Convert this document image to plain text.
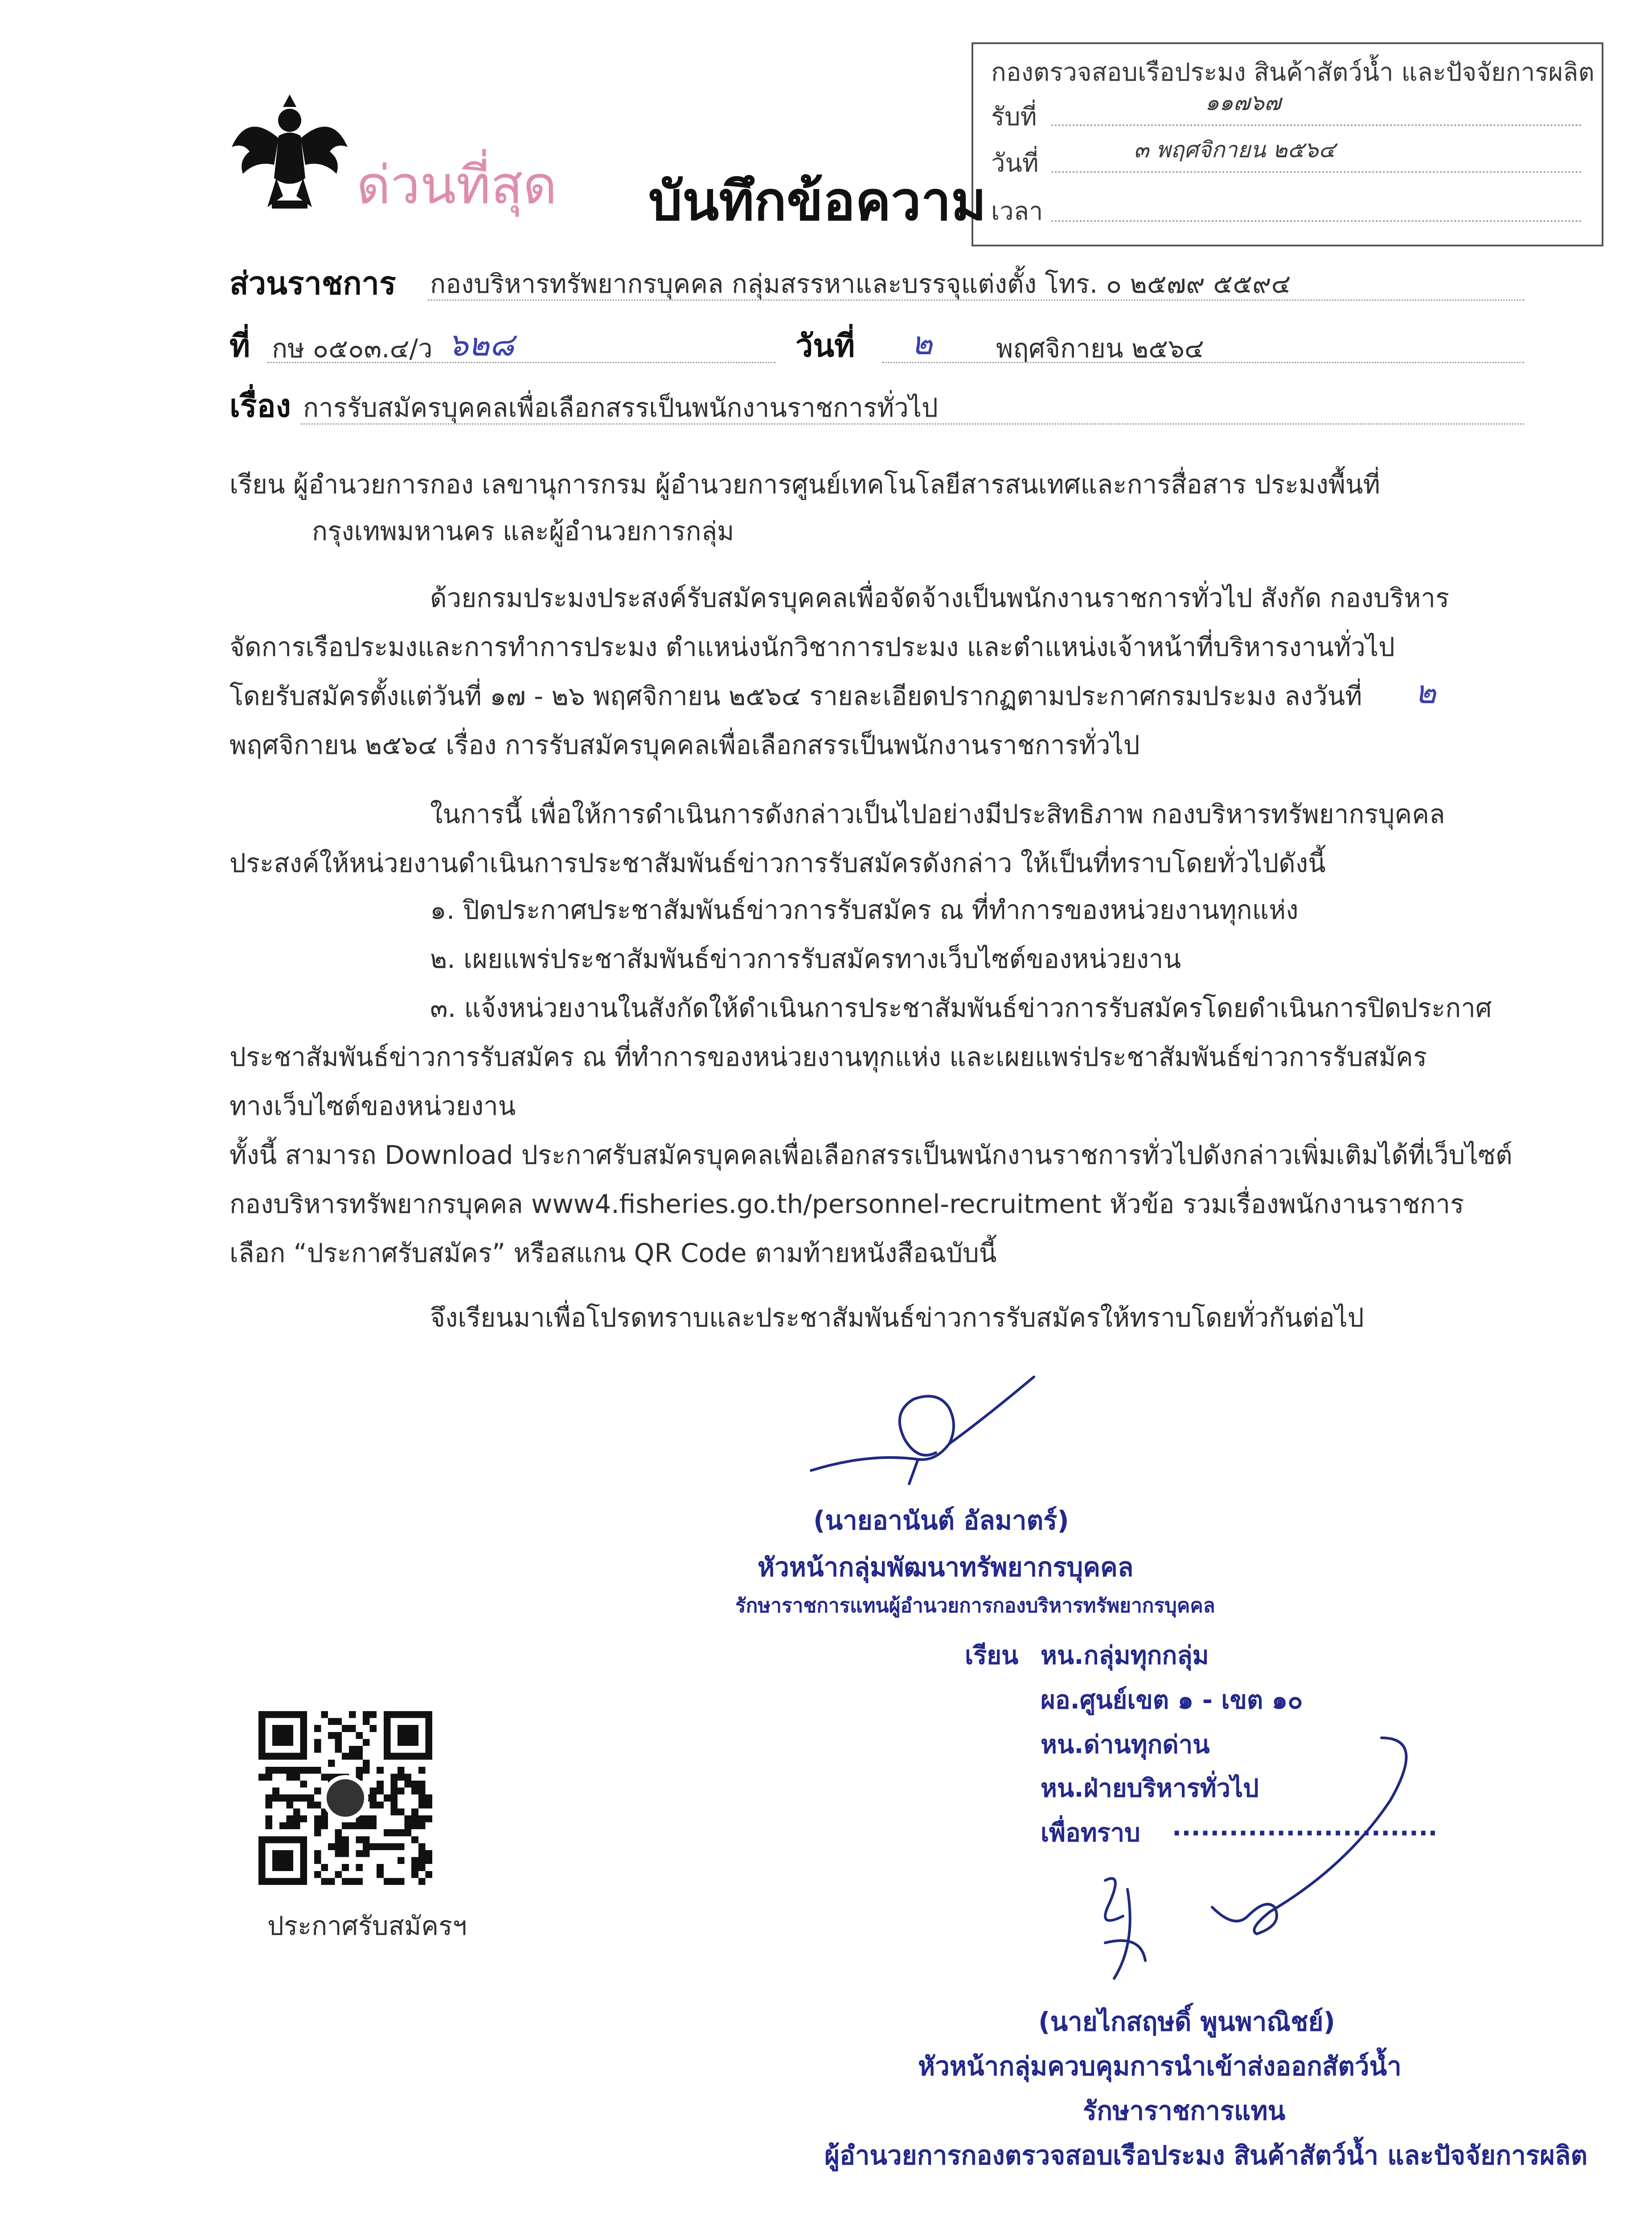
กองตรวจสอบเรือประมง สินค้าสัตว์น้ำ และปัจจัยการผลิต
รับที่	๑๑๗๖๗
วันที่	๓ พฤศจิกายน ๒๕๖๔
เวลา
ด่วนที่สุด บันทึกข้อความ
ส่วนราชการ กองบริหารทรัพยากรบุคคล กลุ่มสรรหาและบรรจุแต่งตั้ง โทร. ๐ ๒๕๗๙ ๕๕๙๔
ที่ กษ ๐๕๐๓.๔/ว ๖๒๘	วันที่ ๒ พฤศจิกายน ๒๕๖๔
เรื่อง การรับสมัครบุคคลเพื่อเลือกสรรเป็นพนักงานราชการทั่วไป
เรียน ผู้อำนวยการกอง เลขานุการกรม ผู้อำนวยการศูนย์เทคโนโลยีสารสนเทศและการสื่อสาร ประมงพื้นที่
กรุงเทพมหานคร และผู้อำนวยการกลุ่ม
ด้วยกรมประมงประสงค์รับสมัครบุคคลเพื่อจัดจ้างเป็นพนักงานราชการทั่วไป สังกัด กองบริหาร
จัดการเรือประมงและการทำการประมง ตำแหน่งนักวิชาการประมง และตำแหน่งเจ้าหน้าที่บริหารงานทั่วไป
โดยรับสมัครตั้งแต่วันที่ ๑๗ - ๒๖ พฤศจิกายน ๒๕๖๔ รายละเอียดปรากฏตามประกาศกรมประมง ลงวันที่ ๒
พฤศจิกายน ๒๕๖๔ เรื่อง การรับสมัครบุคคลเพื่อเลือกสรรเป็นพนักงานราชการทั่วไป
ในการนี้ เพื่อให้การดำเนินการดังกล่าวเป็นไปอย่างมีประสิทธิภาพ กองบริหารทรัพยากรบุคคล
ประสงค์ให้หน่วยงานดำเนินการประชาสัมพันธ์ข่าวการรับสมัครดังกล่าว ให้เป็นที่ทราบโดยทั่วไปดังนี้
๑. ปิดประกาศประชาสัมพันธ์ข่าวการรับสมัคร ณ ที่ทำการของหน่วยงานทุกแห่ง
๒. เผยแพร่ประชาสัมพันธ์ข่าวการรับสมัครทางเว็บไซต์ของหน่วยงาน
๓. แจ้งหน่วยงานในสังกัดให้ดำเนินการประชาสัมพันธ์ข่าวการรับสมัครโดยดำเนินการปิดประกาศ
ประชาสัมพันธ์ข่าวการรับสมัคร ณ ที่ทำการของหน่วยงานทุกแห่ง และเผยแพร่ประชาสัมพันธ์ข่าวการรับสมัคร
ทางเว็บไซต์ของหน่วยงาน
ทั้งนี้ สามารถ Download ประกาศรับสมัครบุคคลเพื่อเลือกสรรเป็นพนักงานราชการทั่วไปดังกล่าวเพิ่มเติมได้ที่เว็บไซต์
กองบริหารทรัพยากรบุคคล www4.fisheries.go.th/personnel-recruitment หัวข้อ รวมเรื่องพนักงานราชการ
เลือก “ประกาศรับสมัคร” หรือสแกน QR Code ตามท้ายหนังสือฉบับนี้
จึงเรียนมาเพื่อโปรดทราบและประชาสัมพันธ์ข่าวการรับสมัครให้ทราบโดยทั่วกันต่อไป
(นายอานันต์ อัลมาตร์)
หัวหน้ากลุ่มพัฒนาทรัพยากรบุคคล
รักษาราชการแทนผู้อำนวยการกองบริหารทรัพยากรบุคคล
เรียน หน.กลุ่มทุกกลุ่ม
ผอ.ศูนย์เขต ๑ - เขต ๑๐
หน.ด่านทุกด่าน
หน.ฝ่ายบริหารทั่วไป
เพื่อทราบ ............................
ประกาศรับสมัครฯ
(นายไกสฤษดิ์ พูนพาณิชย์)
หัวหน้ากลุ่มควบคุมการนำเข้าส่งออกสัตว์น้ำ
รักษาราชการแทน
ผู้อำนวยการกองตรวจสอบเรือประมง สินค้าสัตว์น้ำ และปัจจัยการผลิต
